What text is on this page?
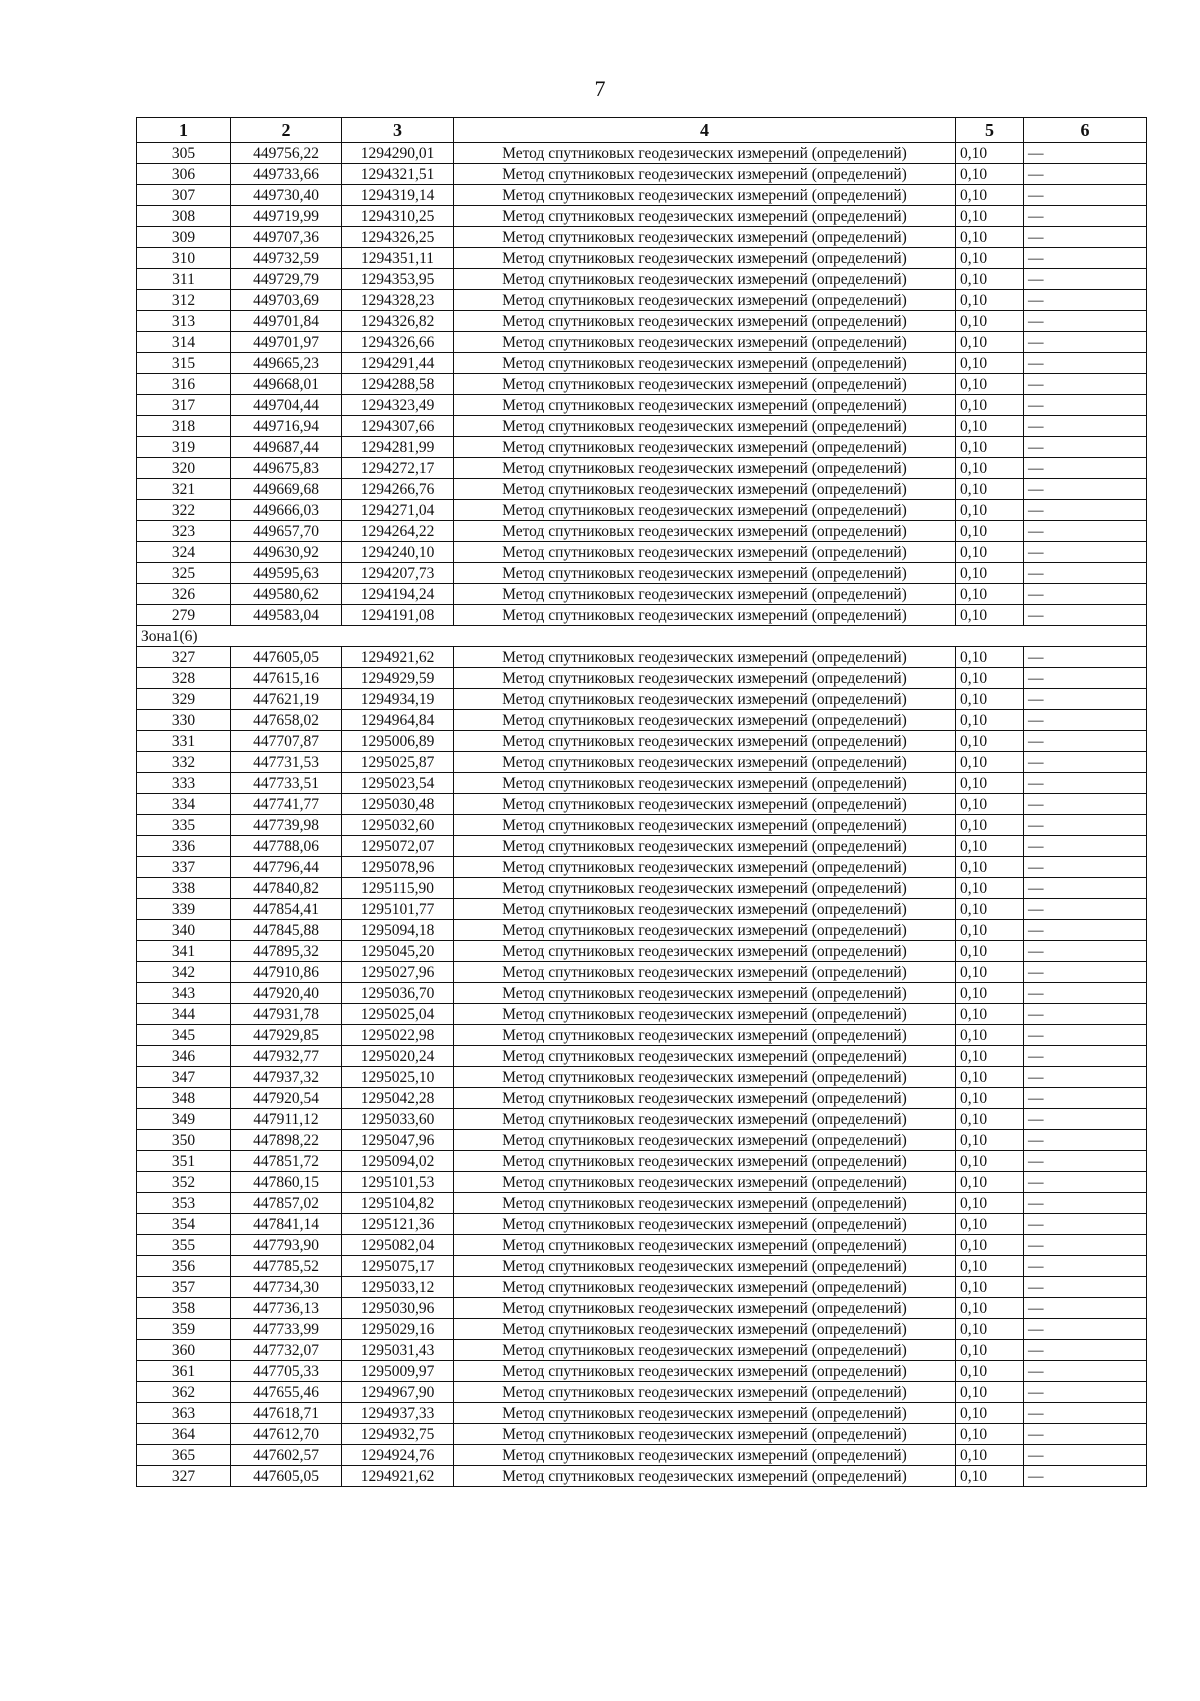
7
1	2	3	4	5	6
305	449756,22	1294290,01	Метод спутниковых геодезических измерений (определений)	0,10	—
306	449733,66	1294321,51	Метод спутниковых геодезических измерений (определений)	0,10	—
307	449730,40	1294319,14	Метод спутниковых геодезических измерений (определений)	0,10	—
308	449719,99	1294310,25	Метод спутниковых геодезических измерений (определений)	0,10	—
309	449707,36	1294326,25	Метод спутниковых геодезических измерений (определений)	0,10	—
310	449732,59	1294351,11	Метод спутниковых геодезических измерений (определений)	0,10	—
311	449729,79	1294353,95	Метод спутниковых геодезических измерений (определений)	0,10	—
312	449703,69	1294328,23	Метод спутниковых геодезических измерений (определений)	0,10	—
313	449701,84	1294326,82	Метод спутниковых геодезических измерений (определений)	0,10	—
314	449701,97	1294326,66	Метод спутниковых геодезических измерений (определений)	0,10	—
315	449665,23	1294291,44	Метод спутниковых геодезических измерений (определений)	0,10	—
316	449668,01	1294288,58	Метод спутниковых геодезических измерений (определений)	0,10	—
317	449704,44	1294323,49	Метод спутниковых геодезических измерений (определений)	0,10	—
318	449716,94	1294307,66	Метод спутниковых геодезических измерений (определений)	0,10	—
319	449687,44	1294281,99	Метод спутниковых геодезических измерений (определений)	0,10	—
320	449675,83	1294272,17	Метод спутниковых геодезических измерений (определений)	0,10	—
321	449669,68	1294266,76	Метод спутниковых геодезических измерений (определений)	0,10	—
322	449666,03	1294271,04	Метод спутниковых геодезических измерений (определений)	0,10	—
323	449657,70	1294264,22	Метод спутниковых геодезических измерений (определений)	0,10	—
324	449630,92	1294240,10	Метод спутниковых геодезических измерений (определений)	0,10	—
325	449595,63	1294207,73	Метод спутниковых геодезических измерений (определений)	0,10	—
326	449580,62	1294194,24	Метод спутниковых геодезических измерений (определений)	0,10	—
279	449583,04	1294191,08	Метод спутниковых геодезических измерений (определений)	0,10	—
Зона1(6)					
327	447605,05	1294921,62	Метод спутниковых геодезических измерений (определений)	0,10	—
328	447615,16	1294929,59	Метод спутниковых геодезических измерений (определений)	0,10	—
329	447621,19	1294934,19	Метод спутниковых геодезических измерений (определений)	0,10	—
330	447658,02	1294964,84	Метод спутниковых геодезических измерений (определений)	0,10	—
331	447707,87	1295006,89	Метод спутниковых геодезических измерений (определений)	0,10	—
332	447731,53	1295025,87	Метод спутниковых геодезических измерений (определений)	0,10	—
333	447733,51	1295023,54	Метод спутниковых геодезических измерений (определений)	0,10	—
334	447741,77	1295030,48	Метод спутниковых геодезических измерений (определений)	0,10	—
335	447739,98	1295032,60	Метод спутниковых геодезических измерений (определений)	0,10	—
336	447788,06	1295072,07	Метод спутниковых геодезических измерений (определений)	0,10	—
337	447796,44	1295078,96	Метод спутниковых геодезических измерений (определений)	0,10	—
338	447840,82	1295115,90	Метод спутниковых геодезических измерений (определений)	0,10	—
339	447854,41	1295101,77	Метод спутниковых геодезических измерений (определений)	0,10	—
340	447845,88	1295094,18	Метод спутниковых геодезических измерений (определений)	0,10	—
341	447895,32	1295045,20	Метод спутниковых геодезических измерений (определений)	0,10	—
342	447910,86	1295027,96	Метод спутниковых геодезических измерений (определений)	0,10	—
343	447920,40	1295036,70	Метод спутниковых геодезических измерений (определений)	0,10	—
344	447931,78	1295025,04	Метод спутниковых геодезических измерений (определений)	0,10	—
345	447929,85	1295022,98	Метод спутниковых геодезических измерений (определений)	0,10	—
346	447932,77	1295020,24	Метод спутниковых геодезических измерений (определений)	0,10	—
347	447937,32	1295025,10	Метод спутниковых геодезических измерений (определений)	0,10	—
348	447920,54	1295042,28	Метод спутниковых геодезических измерений (определений)	0,10	—
349	447911,12	1295033,60	Метод спутниковых геодезических измерений (определений)	0,10	—
350	447898,22	1295047,96	Метод спутниковых геодезических измерений (определений)	0,10	—
351	447851,72	1295094,02	Метод спутниковых геодезических измерений (определений)	0,10	—
352	447860,15	1295101,53	Метод спутниковых геодезических измерений (определений)	0,10	—
353	447857,02	1295104,82	Метод спутниковых геодезических измерений (определений)	0,10	—
354	447841,14	1295121,36	Метод спутниковых геодезических измерений (определений)	0,10	—
355	447793,90	1295082,04	Метод спутниковых геодезических измерений (определений)	0,10	—
356	447785,52	1295075,17	Метод спутниковых геодезических измерений (определений)	0,10	—
357	447734,30	1295033,12	Метод спутниковых геодезических измерений (определений)	0,10	—
358	447736,13	1295030,96	Метод спутниковых геодезических измерений (определений)	0,10	—
359	447733,99	1295029,16	Метод спутниковых геодезических измерений (определений)	0,10	—
360	447732,07	1295031,43	Метод спутниковых геодезических измерений (определений)	0,10	—
361	447705,33	1295009,97	Метод спутниковых геодезических измерений (определений)	0,10	—
362	447655,46	1294967,90	Метод спутниковых геодезических измерений (определений)	0,10	—
363	447618,71	1294937,33	Метод спутниковых геодезических измерений (определений)	0,10	—
364	447612,70	1294932,75	Метод спутниковых геодезических измерений (определений)	0,10	—
365	447602,57	1294924,76	Метод спутниковых геодезических измерений (определений)	0,10	—
327	447605,05	1294921,62	Метод спутниковых геодезических измерений (определений)	0,10	—
